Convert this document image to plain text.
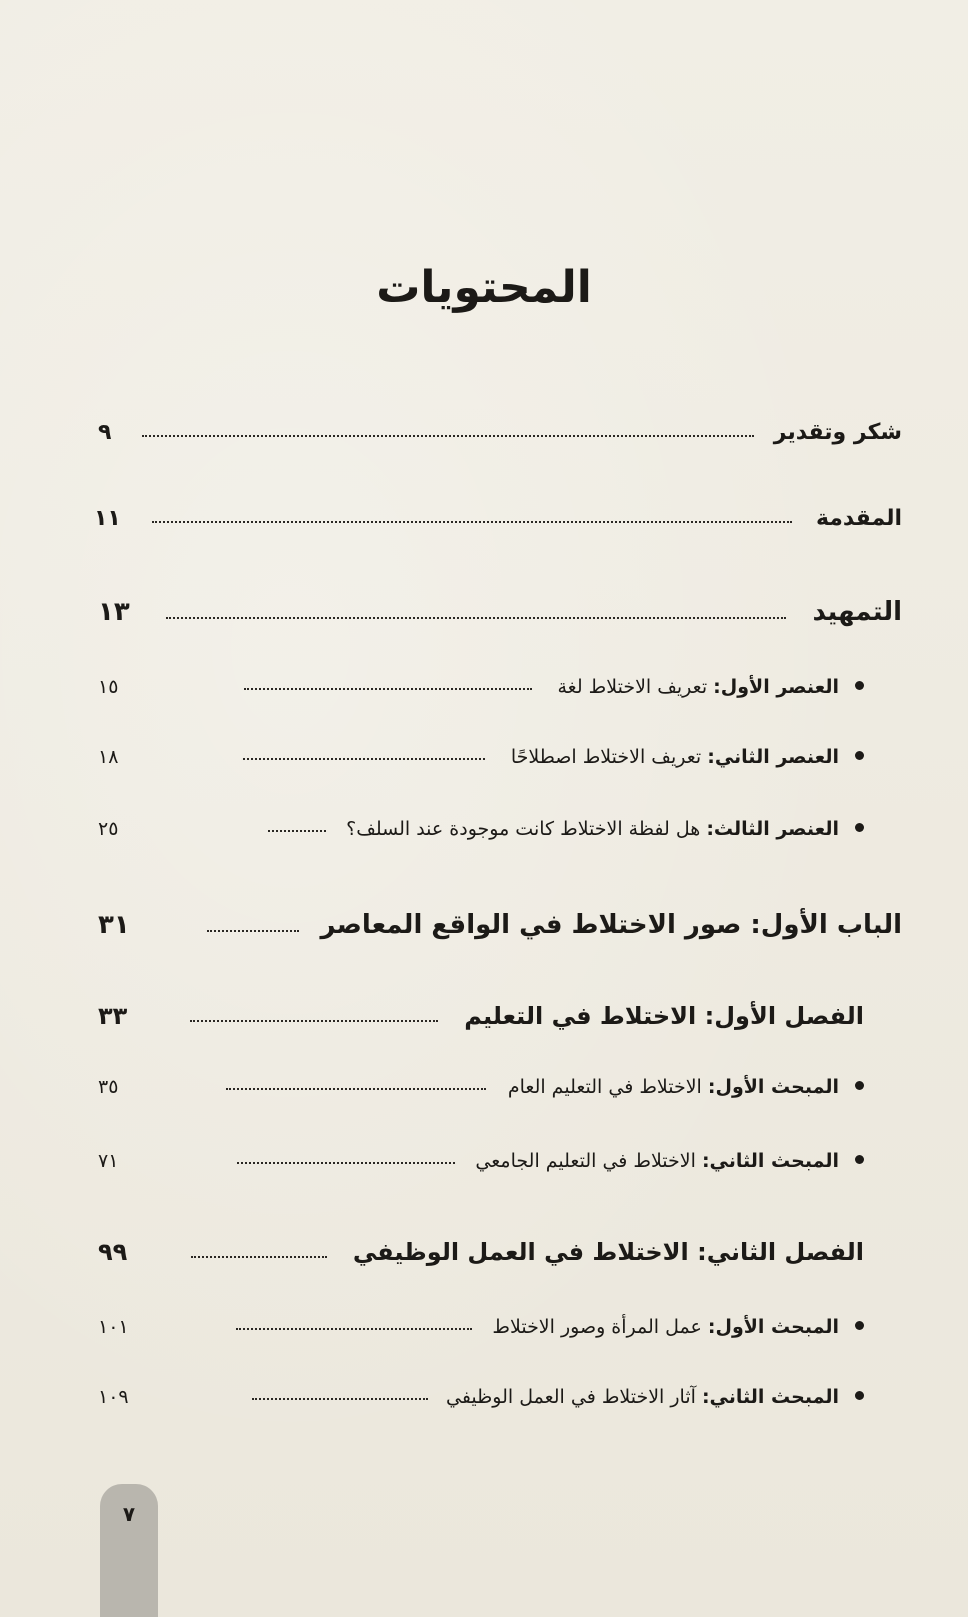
المحتويات
شكر وتقدير
٩
المقدمة
١١
التمهيد
١٣
العنصر الأول: تعريف الاختلاط لغة
١٥
العنصر الثاني: تعريف الاختلاط اصطلاحًا
١٨
العنصر الثالث: هل لفظة الاختلاط كانت موجودة عند السلف؟
٢٥
الباب الأول: صور الاختلاط في الواقع المعاصر
٣١
الفصل الأول: الاختلاط في التعليم
٣٣
المبحث الأول: الاختلاط في التعليم العام
٣٥
المبحث الثاني: الاختلاط في التعليم الجامعي
٧١
الفصل الثاني: الاختلاط في العمل الوظيفي
٩٩
المبحث الأول: عمل المرأة وصور الاختلاط
١٠١
المبحث الثاني: آثار الاختلاط في العمل الوظيفي
١٠٩
٧
